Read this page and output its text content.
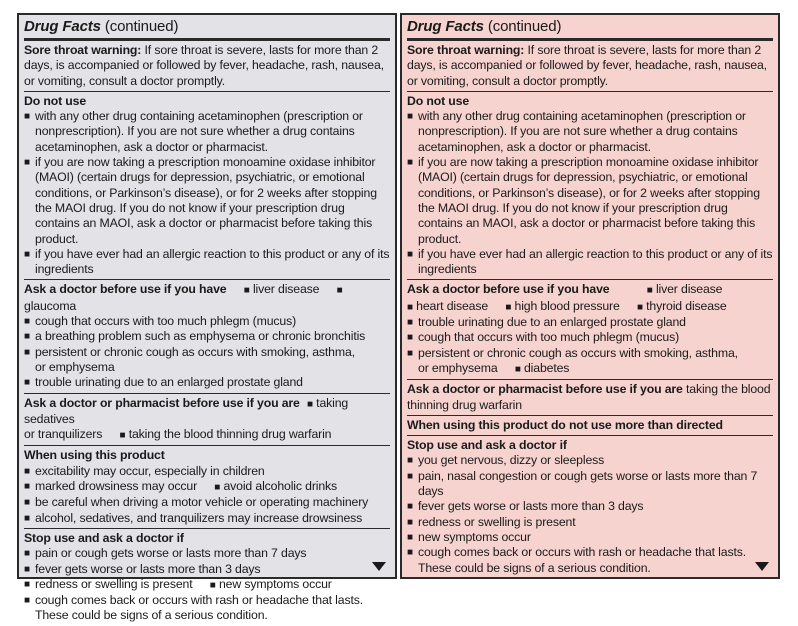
Drug Facts (continued)
Sore throat warning: If sore throat is severe, lasts for more than 2 days, is accompanied or followed by fever, headache, rash, nausea, or vomiting, consult a doctor promptly.
Do not use
■ with any other drug containing acetaminophen (prescription or nonprescription). If you are not sure whether a drug contains acetaminophen, ask a doctor or pharmacist.
■ if you are now taking a prescription monoamine oxidase inhibitor (MAOI) (certain drugs for depression, psychiatric, or emotional conditions, or Parkinson’s disease), or for 2 weeks after stopping the MAOI drug. If you do not know if your prescription drug contains an MAOI, ask a doctor or pharmacist before taking this product.
■ if you have ever had an allergic reaction to this product or any of its ingredients
Ask a doctor before use if you have ■ liver disease ■ glaucoma
■ cough that occurs with too much phlegm (mucus)
■ a breathing problem such as emphysema or chronic bronchitis
■ persistent or chronic cough as occurs with smoking, asthma,
or emphysema
■ trouble urinating due to an enlarged prostate gland
Ask a doctor or pharmacist before use if you are ■ taking sedatives
or tranquilizers ■ taking the blood thinning drug warfarin
When using this product
■ excitability may occur, especially in children
■ marked drowsiness may occur ■ avoid alcoholic drinks
■ be careful when driving a motor vehicle or operating machinery
■ alcohol, sedatives, and tranquilizers may increase drowsiness
Stop use and ask a doctor if
■ pain or cough gets worse or lasts more than 7 days
■ fever gets worse or lasts more than 3 days
■ redness or swelling is present ■ new symptoms occur
■ cough comes back or occurs with rash or headache that lasts.
These could be signs of a serious condition.
Drug Facts (continued)
Sore throat warning: If sore throat is severe, lasts for more than 2 days, is accompanied or followed by fever, headache, rash, nausea, or vomiting, consult a doctor promptly.
Do not use
■ with any other drug containing acetaminophen (prescription or nonprescription). If you are not sure whether a drug contains acetaminophen, ask a doctor or pharmacist.
■ if you are now taking a prescription monoamine oxidase inhibitor (MAOI) (certain drugs for depression, psychiatric, or emotional conditions, or Parkinson’s disease), or for 2 weeks after stopping the MAOI drug. If you do not know if your prescription drug contains an MAOI, ask a doctor or pharmacist before taking this product.
■ if you have ever had an allergic reaction to this product or any of its ingredients
Ask a doctor before use if you have	■ liver disease
■ heart disease ■ high blood pressure ■ thyroid disease
■ trouble urinating due to an enlarged prostate gland
■ cough that occurs with too much phlegm (mucus)
■ persistent or chronic cough as occurs with smoking, asthma,
or emphysema ■ diabetes
Ask a doctor or pharmacist before use if you are taking the blood thinning drug warfarin
When using this product do not use more than directed
Stop use and ask a doctor if
■ you get nervous, dizzy or sleepless
■ pain, nasal congestion or cough gets worse or lasts more than 7 days
■ fever gets worse or lasts more than 3 days
■ redness or swelling is present
■ new symptoms occur
■ cough comes back or occurs with rash or headache that lasts.
These could be signs of a serious condition.
